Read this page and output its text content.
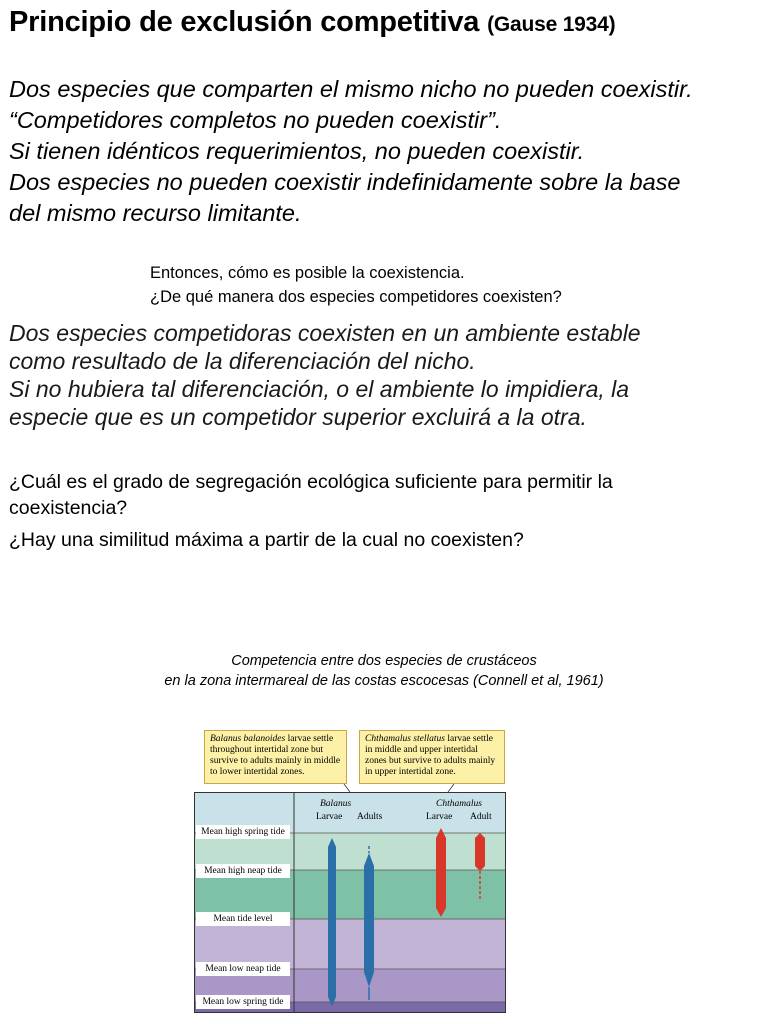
Principio de exclusión competitiva (Gause 1934)
Dos especies que comparten el mismo nicho no pueden coexistir.
“Competidores completos no pueden coexistir”.
Si tienen idénticos requerimientos, no pueden coexistir.
Dos especies no pueden coexistir indefinidamente sobre la base
del mismo recurso limitante.
Entonces, cómo es posible la coexistencia.
¿De qué manera dos especies competidores coexisten?
Dos especies competidoras coexisten en un ambiente estable
como resultado de la diferenciación del nicho.
Si no hubiera tal diferenciación, o el ambiente lo impidiera, la
especie que es un competidor superior excluirá a la otra.
¿Cuál es el grado de segregación ecológica suficiente para permitir la
coexistencia?
¿Hay una similitud máxima a partir de la cual no coexisten?
Competencia entre dos especies de crustáceos
en la zona intermareal de las costas escocesas (Connell et al, 1961)
Balanus balanoides larvae settle throughout intertidal zone but survive to adults mainly in middle to lower intertidal zones.
Chthamalus stellatus larvae settle in middle and upper intertidal zones but survive to adults mainly in upper intertidal zone.
Balanus	Chthamalus
Larvae Adults	Larvae Adult
Mean high spring tide
Mean high neap tide
Mean tide level
Mean low neap tide
Mean low spring tide
